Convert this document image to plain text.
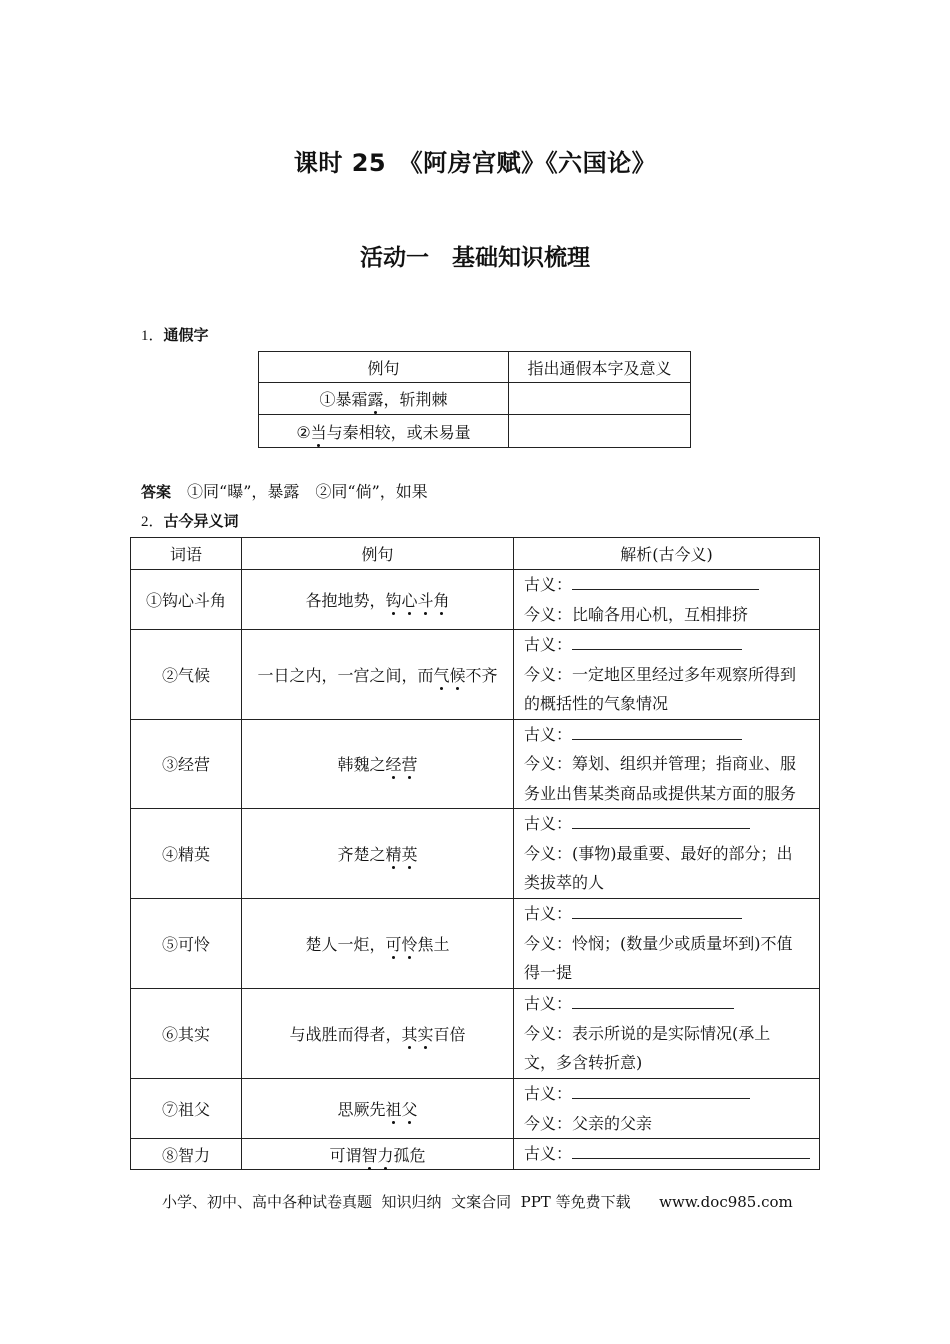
课时 25　《阿房宫赋》《六国论》
活动一　基础知识梳理
1．通假字
例句	指出通假本字及意义
①暴霜露，斩荆棘	
②当与秦相较，或未易量	
答案　 ①同“曝”，暴露　②同“倘”，如果
2．古今异义词
词语	例句	解析(古今义)
①钩心斗角	各抱地势，钩心斗角	古义：
今义：比喻各用心机，互相排挤

②气候	一日之内，一宫之间，而气候不齐	古义：
今义：一定地区里经过多年观察所得到
的概括性的气象情况

③经营	韩魏之经营	古义：
今义：筹划、组织并管理；指商业、服
务业出售某类商品或提供某方面的服务

④精英	齐楚之精英	古义：
今义：(事物)最重要、最好的部分；出
类拔萃的人

⑤可怜	楚人一炬，可怜焦土	古义：
今义：怜悯；(数量少或质量坏到)不值
得一提

⑥其实	与战胜而得者，其实百倍	古义：
今义：表示所说的是实际情况(承上
文，多含转折意)

⑦祖父	思厥先祖父	古义：
今义：父亲的父亲

⑧智力	可谓智力孤危	古义：
小学、初中、高中各种试卷真题  知识归纳  文案合同  PPT 等免费下载      www.doc985.com
